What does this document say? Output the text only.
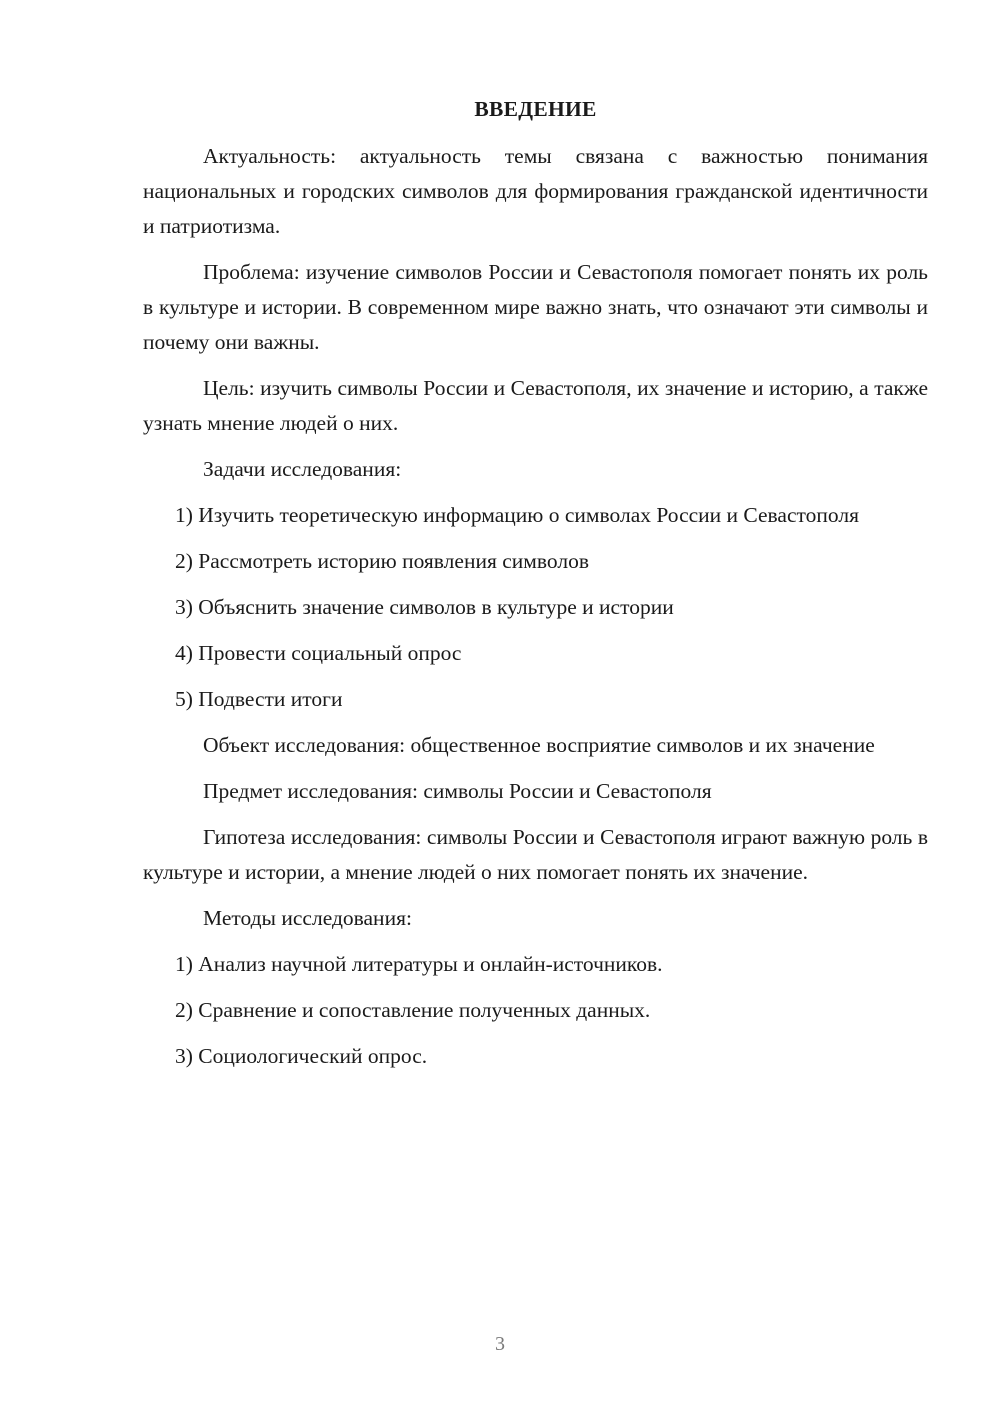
ВВЕДЕНИЕ

Актуальность: актуальность темы связана с важностью понимания национальных и городских символов для формирования гражданской идентичности и патриотизма.

Проблема: изучение символов России и Севастополя помогает понять их роль в культуре и истории. В современном мире важно знать, что означают эти символы и почему они важны.

Цель: изучить символы России и Севастополя, их значение и историю, а также узнать мнение людей о них.

Задачи исследования:

1) Изучить теоретическую информацию о символах России и Севастополя

2) Рассмотреть историю появления символов

3) Объяснить значение символов в культуре и истории

4) Провести социальный опрос

5) Подвести итоги

Объект исследования: общественное восприятие символов и их значение

Предмет исследования: символы России и Севастополя

Гипотеза исследования: символы России и Севастополя играют важную роль в культуре и истории, а мнение людей о них помогает понять их значение.

Методы исследования:

1) Анализ научной литературы и онлайн-источников.

2) Сравнение и сопоставление полученных данных.

3) Социологический опрос.

3
